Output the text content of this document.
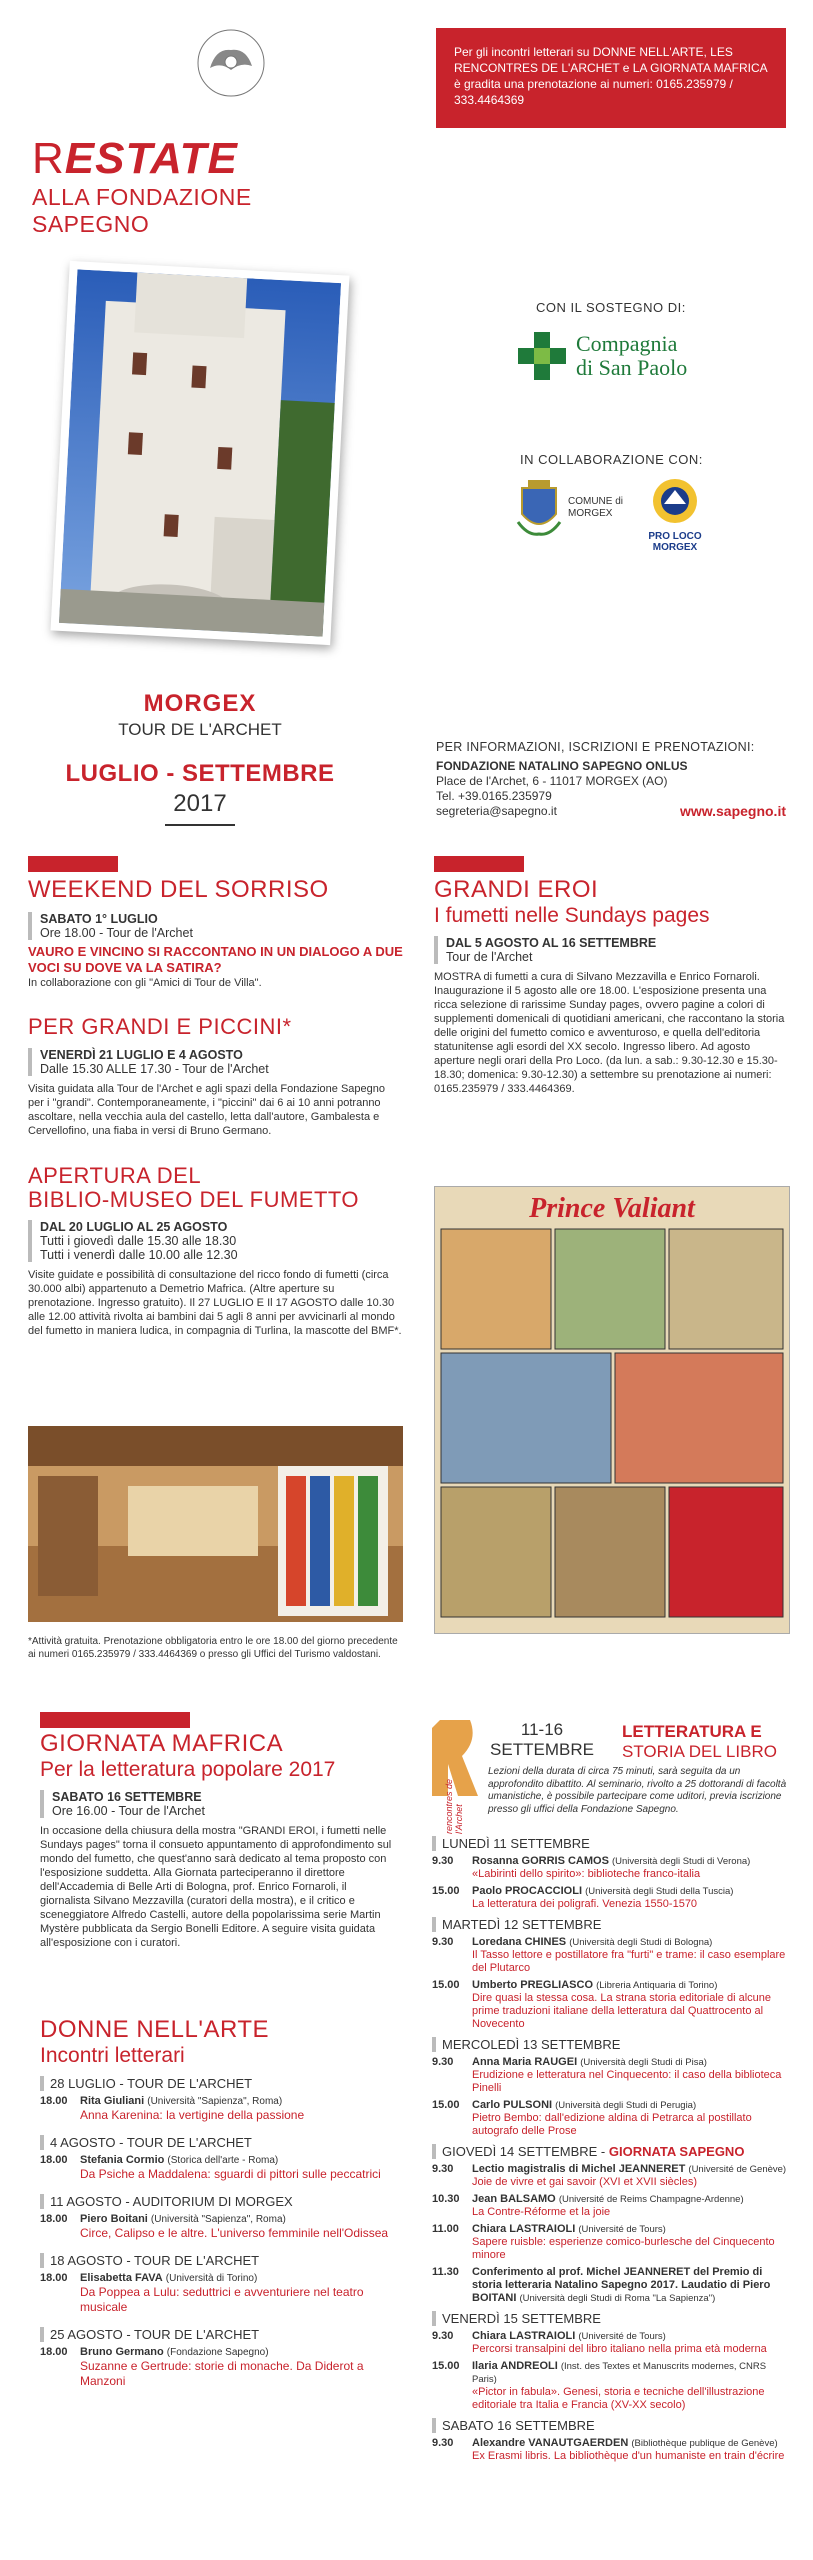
RESTATE
ALLA FONDAZIONE SAPEGNO
Per gli incontri letterari su DONNE NELL'ARTE, LES RENCONTRES DE L'ARCHET e LA GIORNATA MAFRICA è gradita una prenotazione ai numeri: 0165.235979 / 333.4464369
CON IL SOSTEGNO DI:
Compagnia
di San Paolo
IN COLLABORAZIONE CON:
COMUNE di MORGEX
PRO LOCO
MORGEX
MORGEX
TOUR DE L'ARCHET
LUGLIO - SETTEMBRE
2017
PER INFORMAZIONI, ISCRIZIONI E PRENOTAZIONI:
FONDAZIONE NATALINO SAPEGNO ONLUS
Place de l'Archet, 6 - 11017 MORGEX (AO)
Tel. +39.0165.235979
segreteria@sapegno.it	www.sapegno.it
WEEKEND DEL SORRISO
SABATO 1° LUGLIO
Ore 18.00 - Tour de l'Archet
VAURO E VINCINO SI RACCONTANO IN UN DIALOGO A DUE VOCI SU DOVE VA LA SATIRA?
In collaborazione con gli "Amici di Tour de Villa".
PER GRANDI E PICCINI*
VENERDÌ 21 LUGLIO E 4 AGOSTO
Dalle 15.30 ALLE 17.30 - Tour de l'Archet
Visita guidata alla Tour de l'Archet e agli spazi della Fondazione Sapegno per i "grandi". Contemporaneamente, i "piccini" dai 6 ai 10 anni potranno ascoltare, nella vecchia aula del castello, letta dall'autore, Gambalesta e Cervellofino, una fiaba in versi di Bruno Germano.
APERTURA DEL
BIBLIO-MUSEO DEL FUMETTO
DAL 20 LUGLIO AL 25 AGOSTO
Tutti i giovedì dalle 15.30 alle 18.30
Tutti i venerdì dalle 10.00 alle 12.30
Visite guidate e possibilità di consultazione del ricco fondo di fumetti (circa 30.000 albi) appartenuto a Demetrio Mafrica. (Altre aperture su prenotazione. Ingresso gratuito). Il 27 LUGLIO E Il 17 AGOSTO dalle 10.30 alle 12.00 attività rivolta ai bambini dai 5 agli 8 anni per avvicinarli al mondo del fumetto in maniera ludica, in compagnia di Turlina, la mascotte del BMF*.
*Attività gratuita. Prenotazione obbligatoria entro le ore 18.00 del giorno precedente ai numeri 0165.235979 / 333.4464369 o presso gli Uffici del Turismo valdostani.
GRANDI EROI
I fumetti nelle Sundays pages
DAL 5 AGOSTO AL 16 SETTEMBRE
Tour de l'Archet
MOSTRA di fumetti a cura di Silvano Mezzavilla e Enrico Fornaroli. Inaugurazione il 5 agosto alle ore 18.00. L'esposizione presenta una ricca selezione di rarissime Sunday pages, ovvero pagine a colori di supplementi domenicali di quotidiani americani, che raccontano la storia delle origini del fumetto comico e avventuroso, e quella dell'editoria statunitense agli esordi del XX secolo. Ingresso libero. Ad agosto aperture negli orari della Pro Loco. (da lun. a sab.: 9.30-12.30 e 15.30-18.30; domenica: 9.30-12.30) a settembre su prenotazione ai numeri: 0165.235979 / 333.4464369.
Prince Valiant
GIORNATA MAFRICA
Per la letteratura popolare 2017
SABATO 16 SETTEMBRE
Ore 16.00 - Tour de l'Archet
In occasione della chiusura della mostra "GRANDI EROI, i fumetti nelle Sundays pages" torna il consueto appuntamento di approfondimento sul mondo del fumetto, che quest'anno sarà dedicato al tema proposto con l'esposizione suddetta. Alla Giornata parteciperanno il direttore dell'Accademia di Belle Arti di Bologna, prof. Enrico Fornaroli, il giornalista Silvano Mezzavilla (curatori della mostra), e il critico e sceneggiatore Alfredo Castelli, autore della popolarissima serie Martin Mystère pubblicata da Sergio Bonelli Editore. A seguire visita guidata all'esposizione con i curatori.
DONNE NELL'ARTE
Incontri letterari
28 LUGLIO - TOUR DE L'ARCHET
18.00	Rita Giuliani (Università "Sapienza", Roma)
Anna Karenina: la vertigine della passione
4 AGOSTO - TOUR DE L'ARCHET
18.00	Stefania Cormio (Storica dell'arte - Roma)
Da Psiche a Maddalena: sguardi di pittori sulle peccatrici
11 AGOSTO - AUDITORIUM DI MORGEX
18.00	Piero Boitani (Università "Sapienza", Roma)
Circe, Calipso e le altre. L'universo femminile nell'Odissea
18 AGOSTO - TOUR DE L'ARCHET
18.00	Elisabetta FAVA (Università di Torino)
Da Poppea a Lulu: seduttrici e avventuriere nel teatro musicale
25 AGOSTO - TOUR DE L'ARCHET
18.00	Bruno Germano (Fondazione Sapegno)
Suzanne e Gertrude: storie di monache. Da Diderot a Manzoni
rencontres de l'Archet
11-16
SETTEMBRE
LETTERATURA E
STORIA DEL LIBRO
Lezioni della durata di circa 75 minuti, sarà seguita da un approfondito dibattito. Al seminario, rivolto a 25 dottorandi di facoltà umanistiche, è possibile partecipare come uditori, previa iscrizione presso gli uffici della Fondazione Sapegno.
LUNEDÌ 11 SETTEMBRE
9.30	Rosanna GORRIS CAMOS (Università degli Studi di Verona)
«Labirinti dello spirito»: biblioteche franco-italia
15.00	Paolo PROCACCIOLI (Università degli Studi della Tuscia)
La letteratura dei poligrafi. Venezia 1550-1570
MARTEDÌ 12 SETTEMBRE
9.30	Loredana CHINES (Università degli Studi di Bologna)
Il Tasso lettore e postillatore fra "furti" e trame: il caso esemplare del Plutarco
15.00	Umberto PREGLIASCO (Libreria Antiquaria di Torino)
Dire quasi la stessa cosa. La strana storia editoriale di alcune prime traduzioni italiane della letteratura dal Quattrocento al Novecento
MERCOLEDÌ 13 SETTEMBRE
9.30	Anna Maria RAUGEI (Università degli Studi di Pisa)
Erudizione e letteratura nel Cinquecento: il caso della biblioteca Pinelli
15.00	Carlo PULSONI (Università degli Studi di Perugia)
Pietro Bembo: dall'edizione aldina di Petrarca al postillato autografo delle Prose
GIOVEDÌ 14 SETTEMBRE - GIORNATA SAPEGNO
9.30	Lectio magistralis di Michel JEANNERET (Université de Genève)
Joie de vivre et gai savoir (XVI et XVII siècles)
10.30	Jean BALSAMO (Université de Reims Champagne-Ardenne)
La Contre-Réforme et la joie
11.00	Chiara LASTRAIOLI (Université de Tours)
Sapere ruisble: esperienze comico-burlesche del Cinquecento minore
11.30	Conferimento al prof. Michel JEANNERET del Premio di storia letteraria Natalino Sapegno 2017. Laudatio di Piero BOITANI (Università degli Studi di Roma "La Sapienza")
VENERDÌ 15 SETTEMBRE
9.30	Chiara LASTRAIOLI (Université de Tours)
Percorsi transalpini del libro italiano nella prima età moderna
15.00	Ilaria ANDREOLI (Inst. des Textes et Manuscrits modernes, CNRS Paris)
«Pictor in fabula». Genesi, storia e tecniche dell'illustrazione editoriale tra Italia e Francia (XV-XX secolo)
SABATO 16 SETTEMBRE
9.30	Alexandre VANAUTGAERDEN (Bibliothèque publique de Genève)
Ex Erasmi libris. La bibliothèque d'un humaniste en train d'écrire
